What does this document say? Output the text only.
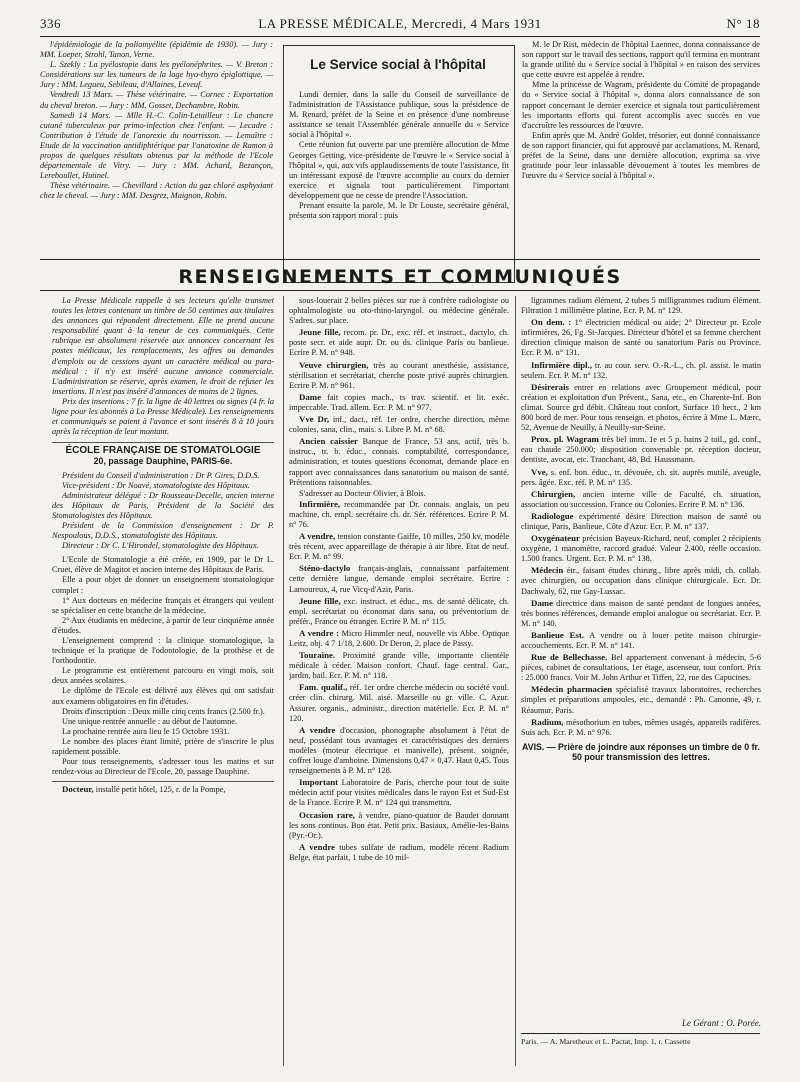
336	LA PRESSE MÉDICALE, Mercredi, 4 Mars 1931	N° 18

l'épidémiologie de la poliomyélite (épidémie de 1930). — Jury : MM. Loeper, Strohl, Tanon, Verne.

L. Szekly : La pyélostopie dans les pyélonéphrites. — V. Breton : Considérations sur les tumeurs de la loge hyo-thyro épiglottique. — Jury : MM. Legueu, Sebileau, d'Allaines, Leveuf.

Vendredi 13 Mars. — Thèse vétérinaire. — Cornec : Exportation du cheval breton. — Jury : MM. Gosset, Dechambre, Robin.

Samedi 14 Mars. — Mlle H.-C. Colin-Letailleur : Le chancre cutané tuberculeux par primo-infection chez l'enfant. — Lecadre : Contribution à l'étude de l'anorexie du nourrisson. — Lemaître : Etude de la vaccination antidiphtérique par l'anatoxine de Ramon à propos de quelques résultats obtenus par la méthode de l'Ecole départementale de Vitry. — Jury : MM. Achard, Bezançon, Lereboullet, Hutinel.

Thèse vétérinaire. — Chevillard : Action du gaz chloré asphyxiant chez le cheval. — Jury : MM. Desgrez, Maignon, Robin.

Le Service social à l'hôpital

Lundi dernier, dans la salle du Conseil de surveillance de l'administration de l'Assistance publique, sous la présidence de M. Renard, préfet de la Seine et en présence d'une nombreuse assistance se tenait l'Assemblée générale annuelle du « Service social à l'hôpital ».

Cette réunion fut ouverte par une première allocution de Mme Georges Getting, vice-présidente de l'œuvre le « Service social à l'hôpital », qui, aux vifs applaudissements de toute l'assistance, fit un intéressant exposé de l'œuvre accomplie au cours du dernier exercice et signala tout particulièrement l'important développement que ne cesse de prendre l'Association.

Prenant ensuite la parole, M. le Dr Louste, secrétaire général, présenta son rapport moral : puis

M. le Dr Rist, médecin de l'hôpital Laennec, donna connaissance de son rapport sur le travail des sections, rapport qu'il termina en montrant la grande utilité du « Service social à l'hôpital » en raison des services que cette œuvre est appelée à rendre.

Mme la princesse de Wagram, présidente du Comité de propagande du « Service social à l'hôpital », donna alors connaissance de son rapport concernant le dernier exercice et signala tout particulièrement les importants efforts qui furent accomplis avec succès en vue d'accroître les ressources de l'œuvre.

Enfin après que M. André Goldet, trésorier, eut donné connaissance de son rapport financier, qui fut approuvé par acclamations, M. Renard, préfet de la Seine, dans une dernière allocution, exprima sa vive gratitude pour leur inlassable dévouement à toutes les membres de l'œuvre du « Service social à l'hôpital ».

RENSEIGNEMENTS ET COMMUNIQUÉS

La Presse Médicale rappelle à ses lecteurs qu'elle transmet toutes les lettres contenant un timbre de 50 centimes aux titulaires des annonces qui répondent directement. Elle ne prend aucune responsabilité quant à la teneur de ces communiqués. Cette rubrique est absolument réservée aux annonces concernant les postes médicaux, les remplacements, les offres ou demandes d'emplois ou de cessions ayant un caractère médical ou para-médical : il n'y est inséré aucune annonce commerciale. L'administration se réserve, après examen, le droit de refuser les insertions. Il n'est pas inséré d'annonces de moins de 2 lignes.

Prix des insertions : 7 fr. la ligne de 40 lettres ou signes (4 fr. la ligne pour les abonnés à La Presse Médicale). Les renseignements et communiqués se paient à l'avance et sont insérés 8 à 10 jours après la réception de leur montant.

ÉCOLE FRANÇAISE DE STOMATOLOGIE
20, passage Dauphine, PARIS-6e.

Président du Conseil d'administration : Dr P. Gires, D.D.S.

Vice-président : Dr Noavé, stomatologiste des Hôpitaux.

Administrateur délégué : Dr Rousseau-Decelle, ancien interne des Hôpitaux de Paris, Président de la Société des Stomatologistes des Hôpitaux.

Président de la Commission d'enseignement : Dr P. Nespoulous, D.D.S., stomatologiste des Hôpitaux.

Directeur : Dr C. L'Hirondel, stomatologiste des Hôpitaux.

L'Ecole de Stomatologie a été créée, en 1909, par le Dr L. Cruet, élève de Magitot et ancien interne des Hôpitaux de Paris.

Elle a pour objet de donner un enseignement stomatologique complet :

1° Aux docteurs en médecine français et étrangers qui veulent se spécialiser en cette branche de la médecine.

2° Aux étudiants en médecine, à partir de leur cinquième année d'études.

L'enseignement comprend : la clinique stomatologique, la technique et la pratique de l'odontologie, de la prothèse et de l'orthodontie.

Le programme est entièrement parcouru en vingt mois, soit deux années scolaires.

Le diplôme de l'Ecole est délivré aux élèves qui ont satisfait aux examens obligatoires en fin d'études.

Droits d'inscription : Deux mille cinq cents francs (2.500 fr.).

Une unique rentrée annuelle : au début de l'automne.

La prochaine rentrée aura lieu le 15 Octobre 1931.

Le nombre des places étant limité, prière de s'inscrire le plus rapidement possible.

Pour tous renseignements, s'adresser tous les matins et sur rendez-vous au Directeur de l'Ecole, 20, passage Dauphine.

Docteur, installé petit hôtel, 125, r. de la Pompe,

sous-louerait 2 belles pièces sur rue à confrère radiologiste ou ophtalmologiste ou oto-rhino-laryngol. ou médecine générale. S'adres. sur place.

Jeune fille, recom. pr. Dr., exc. réf. et instruct., dactylo, ch. poste secr. et aide aupr. Dr. ou ds. clinique Paris ou banlieue. Ecrire P. M. n° 948.

Veuve chirurgien, très au courant anesthésie, assistance, stérilisation et secrétariat, cherche poste privé auprès chirurgien. Ecrire P. M. n° 961.

Dame fait copies mach., ts trav. scientif. et lit. exéc. impeccable. Trad. allem. Ecr. P. M. n° 977.

Vve Dr, inf., dact., réf. 1er ordre, cherche direction, même colonies, sana, clin., mais. s. Libre P. M. n° 68.

Ancien caissier Banque de France, 53 ans, actif, très b. instruc., tr. b. éduc., connais. comptabilité, correspondance, administration, et toutes questions économat, demande place en rapport avec connaissances dans sanatorium ou maison de santé. Prétentions raisonnables.

S'adresser au Docteur Olivier, à Blois.

Infirmière, recommandée par Dr. connais. anglais, un peu machine, ch. empl. secrétaire ch. dr. Sér. références. Ecrire P. M. n° 76.

A vendre, tension constante Gaiffe, 10 milles, 250 kv, modèle très récent, avec appareillage de thérapie à air libre. Etat de neuf. Ecr. P. M. n° 99.

Sténo-dactylo français-anglais, connaissant parfaitement cette dernière langue, demande emploi secrétaire. Ecrire : Lamoureux, 4, rue Vicq-d'Azir, Paris.

Jeune fille, exc. instruct. et éduc., ms. de santé délicate, ch. empl. secrétariat ou économat dans sana, ou préventorium de préfér., France ou étranger. Ecrire P. M. n° 115.

A vendre : Micro Himmler neuf, nouvelle vis Abbe. Optique Leitz, obj. 4 7 1/18, 2.600. Dr Deron, 2, place de Passy.

Touraine. Proximité grande ville, importante clientèle médicale à céder. Maison confort. Chauf. fage central. Gar., jardin, bail. Ecr. P. M. n° 118.

Fam. qualif., réf. 1er ordre cherche médecin ou société voul. créer clin. chirurg. Mil. aisé. Marseille ou gr. ville. C. Azur. Assurer. organis., administr., direction matérielle. Ecr. P. M. n° 120.

A vendre d'occasion, phonographe absolument à l'état de neuf, possédant tous avantages et caractéristiques des derniers modèles (moteur électrique et manivelle), présent. soignée, coffret louge d'amboine. Dimensions 0,47 × 0,47. Haut 0,45. Tous renseignements à P. M. n° 128.

Important Laboratoire de Paris, cherche pour tout de suite médecin actif pour visites médicales dans le rayon Est et Sud-Est de la France. Ecrire P. M. n° 124 qui transmettra.

Occasion rare, à vendre, piano-quatuor de Baudet donnant les sons continus. Bon état. Petit prix. Basiaux, Amélie-les-Bains (Pyr.-Or.).

A vendre tubes sulfate de radium, modèle récent Radium Belge, état parfait, 1 tube de 10 mil-

ligrammes radium élément, 2 tubes 5 milligrammes radium élément. Filtration 1 millimètre platine. Ecr. P. M. n° 129.

On dem. : 1° électricien médical ou aide; 2° Directeur pr. Ecole infirmières, 26, Fg. St-Jacques. Directeur d'hôtel et sa femme cherchent direction clinique maison de santé ou sanatorium Paris ou Province. Ecr. P. M. n° 131.

Infirmière dipl., tr. au cour. serv. O.-R.-L., ch. pl. assist. le matin seulem. Ecr. P. M. n° 132.

Désirerais entrer en relations avec Groupement médical, pour création et exploitation d'un Prévent., Sana, etc., en Charente-Inf. Bon climat. Source grd débit. Château tout confort, Surface 10 hect., 2 km 800 bord de mer. Pour tous renseign. et photos, écrire à Mme L. Mærc, 52, Avenue de Neuilly, à Neuilly-sur-Seine.

Prox. pl. Wagram très bel imm. 1e et 5 p. bains 2 toil., gd. conf., eau chaude 250.000; disposition convenable pr. réception docteur, dentiste, avocat, etc. Tranchant, 48, Bd. Haussmann.

Vve, s. enf. bon. éduc., tr. dévouée, ch. sit. auprès mutilé, aveugle, pers. âgée. Exc. réf. P. M. n° 135.

Chirurgien, ancien interne ville de Faculté, ch. situation, association ou succession. France ou Colonies. Ecrire P. M. n° 136.

Radiologue expérimenté désire Direction maison de santé ou clinique, Paris, Banlieue, Côte d'Azur. Ecr. P. M. n° 137.

Oxygénateur précision Bayeux-Richard, neuf, complet 2 récipients oxygène, 1 manomètre, raccord gradué. Valeur 2.400, réelle occasion. 1.500 francs. Urgent. Ecr. P. M. n° 138.

Médecin étr., faisant études chirurg., libre après midi, ch. collab. avec chirurgien, ou occupation dans clinique chirurgicale. Ecr. Dr. Dachwaly, 62, rue Gay-Lussac.

Dame directrice dans maison de santé pendant de longues années, très bonnes références, demande emploi analogue ou secrétariat. Ecr. P. M. n° 140.

Banlieue Est. A vendre ou à louer petite maison chirurgie-accouchements. Ecr. P. M. n° 141.

Rue de Bellechasse. Bel appartement convenant à médecin, 5-6 pièces, cabinet de consultations, 1er étage, ascenseur, tout confort. Prix : 25.000 francs. Voir M. John Arthur et Tiffen, 22, rue des Capucines.

Médecin pharmacien spécialisé travaux laboratoires, recherches simples et préparations ampoules, etc., demandé : Ph. Canonne, 49, r. Réaumur, Paris.

Radium, mésothorium en tubes, mêmes usagés, appareils radifères. Suis ach. Ecr. P. M. n° 976.

AVIS. — Prière de joindre aux réponses un timbre de 0 fr. 50 pour transmission des lettres.
Le Gérant : O. Porée.
Paris. — A. Maretheux et L. Pactat, Imp. 1, r. Cassette
